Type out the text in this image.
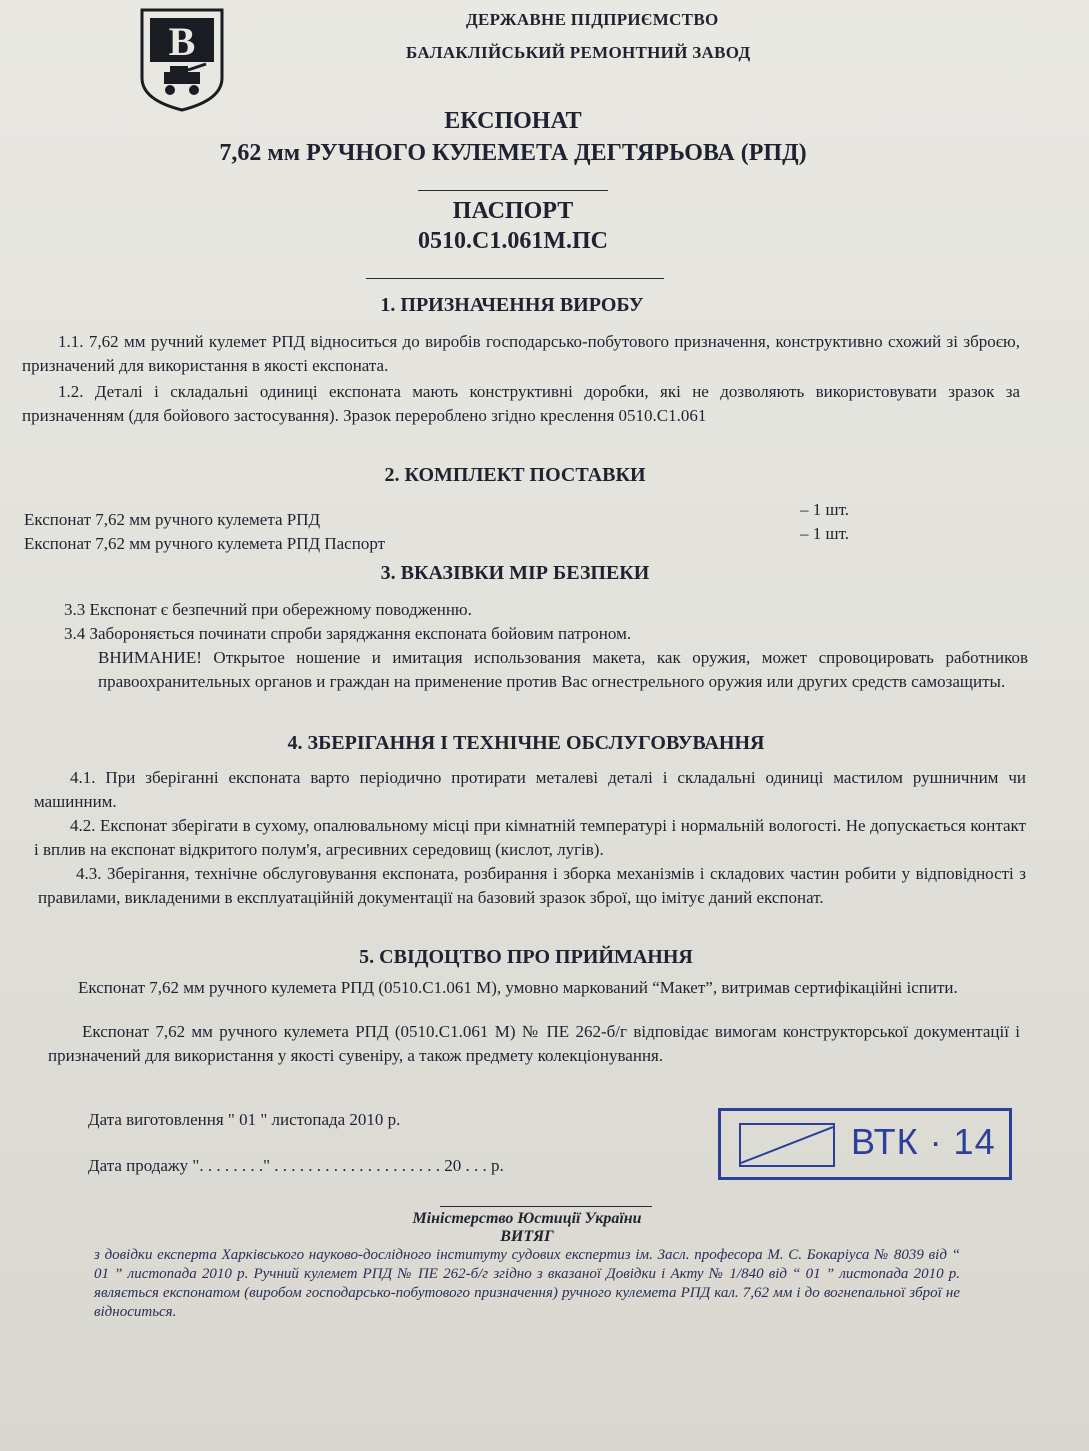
B	ДЕРЖАВНЕ ПІДПРИЄМСТВО
БАЛАКЛІЙСЬКИЙ РЕМОНТНИЙ ЗАВОД
ЕКСПОНАТ
7,62 мм РУЧНОГО КУЛЕМЕТА ДЕГТЯРЬОВА (РПД)
ПАСПОРТ
0510.С1.061М.ПС
1. ПРИЗНАЧЕННЯ ВИРОБУ
1.1. 7,62 мм ручний кулемет РПД відноситься до виробів господарсько-побутового призначення, конструктивно схожий зі зброєю, призначений для використання в якості експоната.
1.2. Деталі і складальні одиниці експоната мають конструктивні доробки, які не дозволяють використовувати зразок за призначенням (для бойового застосування). Зразок перероблено згідно креслення 0510.С1.061
2. КОМПЛЕКТ ПОСТАВКИ
Експонат 7,62 мм ручного кулемета РПД
– 1 шт.
Експонат 7,62 мм ручного кулемета РПД Паспорт
– 1 шт.
3. ВКАЗІВКИ МІР БЕЗПЕКИ
3.3 Експонат є безпечний при обережному поводженню.
3.4 Забороняється починати спроби заряджання експоната бойовим патроном.
ВНИМАНИЕ! Открытое ношение и имитация использования макета, как оружия, может спровоцировать работников правоохранительных органов и граждан на применение против Вас огнестрельного оружия или других средств самозащиты.
4. ЗБЕРІГАННЯ І ТЕХНІЧНЕ ОБСЛУГОВУВАННЯ
4.1. При зберіганні експоната варто періодично протирати металеві деталі і складальні одиниці мастилом рушничним чи машинним.
4.2. Експонат зберігати в сухому, опалювальному місці при кімнатній температурі і нормальній вологості. Не допускається контакт і вплив на експонат відкритого полум'я, агресивних середовищ (кислот, лугів).
4.3. Зберігання, технічне обслуговування експоната, розбирання і зборка механізмів і складових частин робити у відповідності з правилами, викладеними в експлуатаційній документації на базовий зразок зброї, що імітує даний експонат.
5. СВІДОЦТВО ПРО ПРИЙМАННЯ
Експонат 7,62 мм ручного кулемета РПД (0510.С1.061 М), умовно маркований “Макет”, витримав сертифікаційні іспити.
Експонат 7,62 мм ручного кулемета РПД (0510.С1.061 М) № ПЕ 262-б/г відповідає вимогам конструкторської документації і призначений для використання у якості сувеніру, а також предмету колекціонування.
Дата виготовлення " 01 " листопада 2010 р.
Дата продажу ". . . . . . . ." . . . . . . . . . . . . . . . . . . . . 20 . . . р.
ВТК · 14
Міністерство Юстиції України
ВИТЯГ
з довідки експерта Харківського науково-дослідного інституту судових експертиз ім. Засл. професора М. С. Бокаріуса № 8039 від “ 01 ” листопада 2010 р. Ручний кулемет РПД № ПЕ 262-б/г згідно з вказаної Довідки і Акту № 1/840 від “ 01 ” листопада 2010 р. являється експонатом (виробом господарсько-побутового призначення) ручного кулемета РПД кал. 7,62 мм і до вогнепальної зброї не відноситься.
